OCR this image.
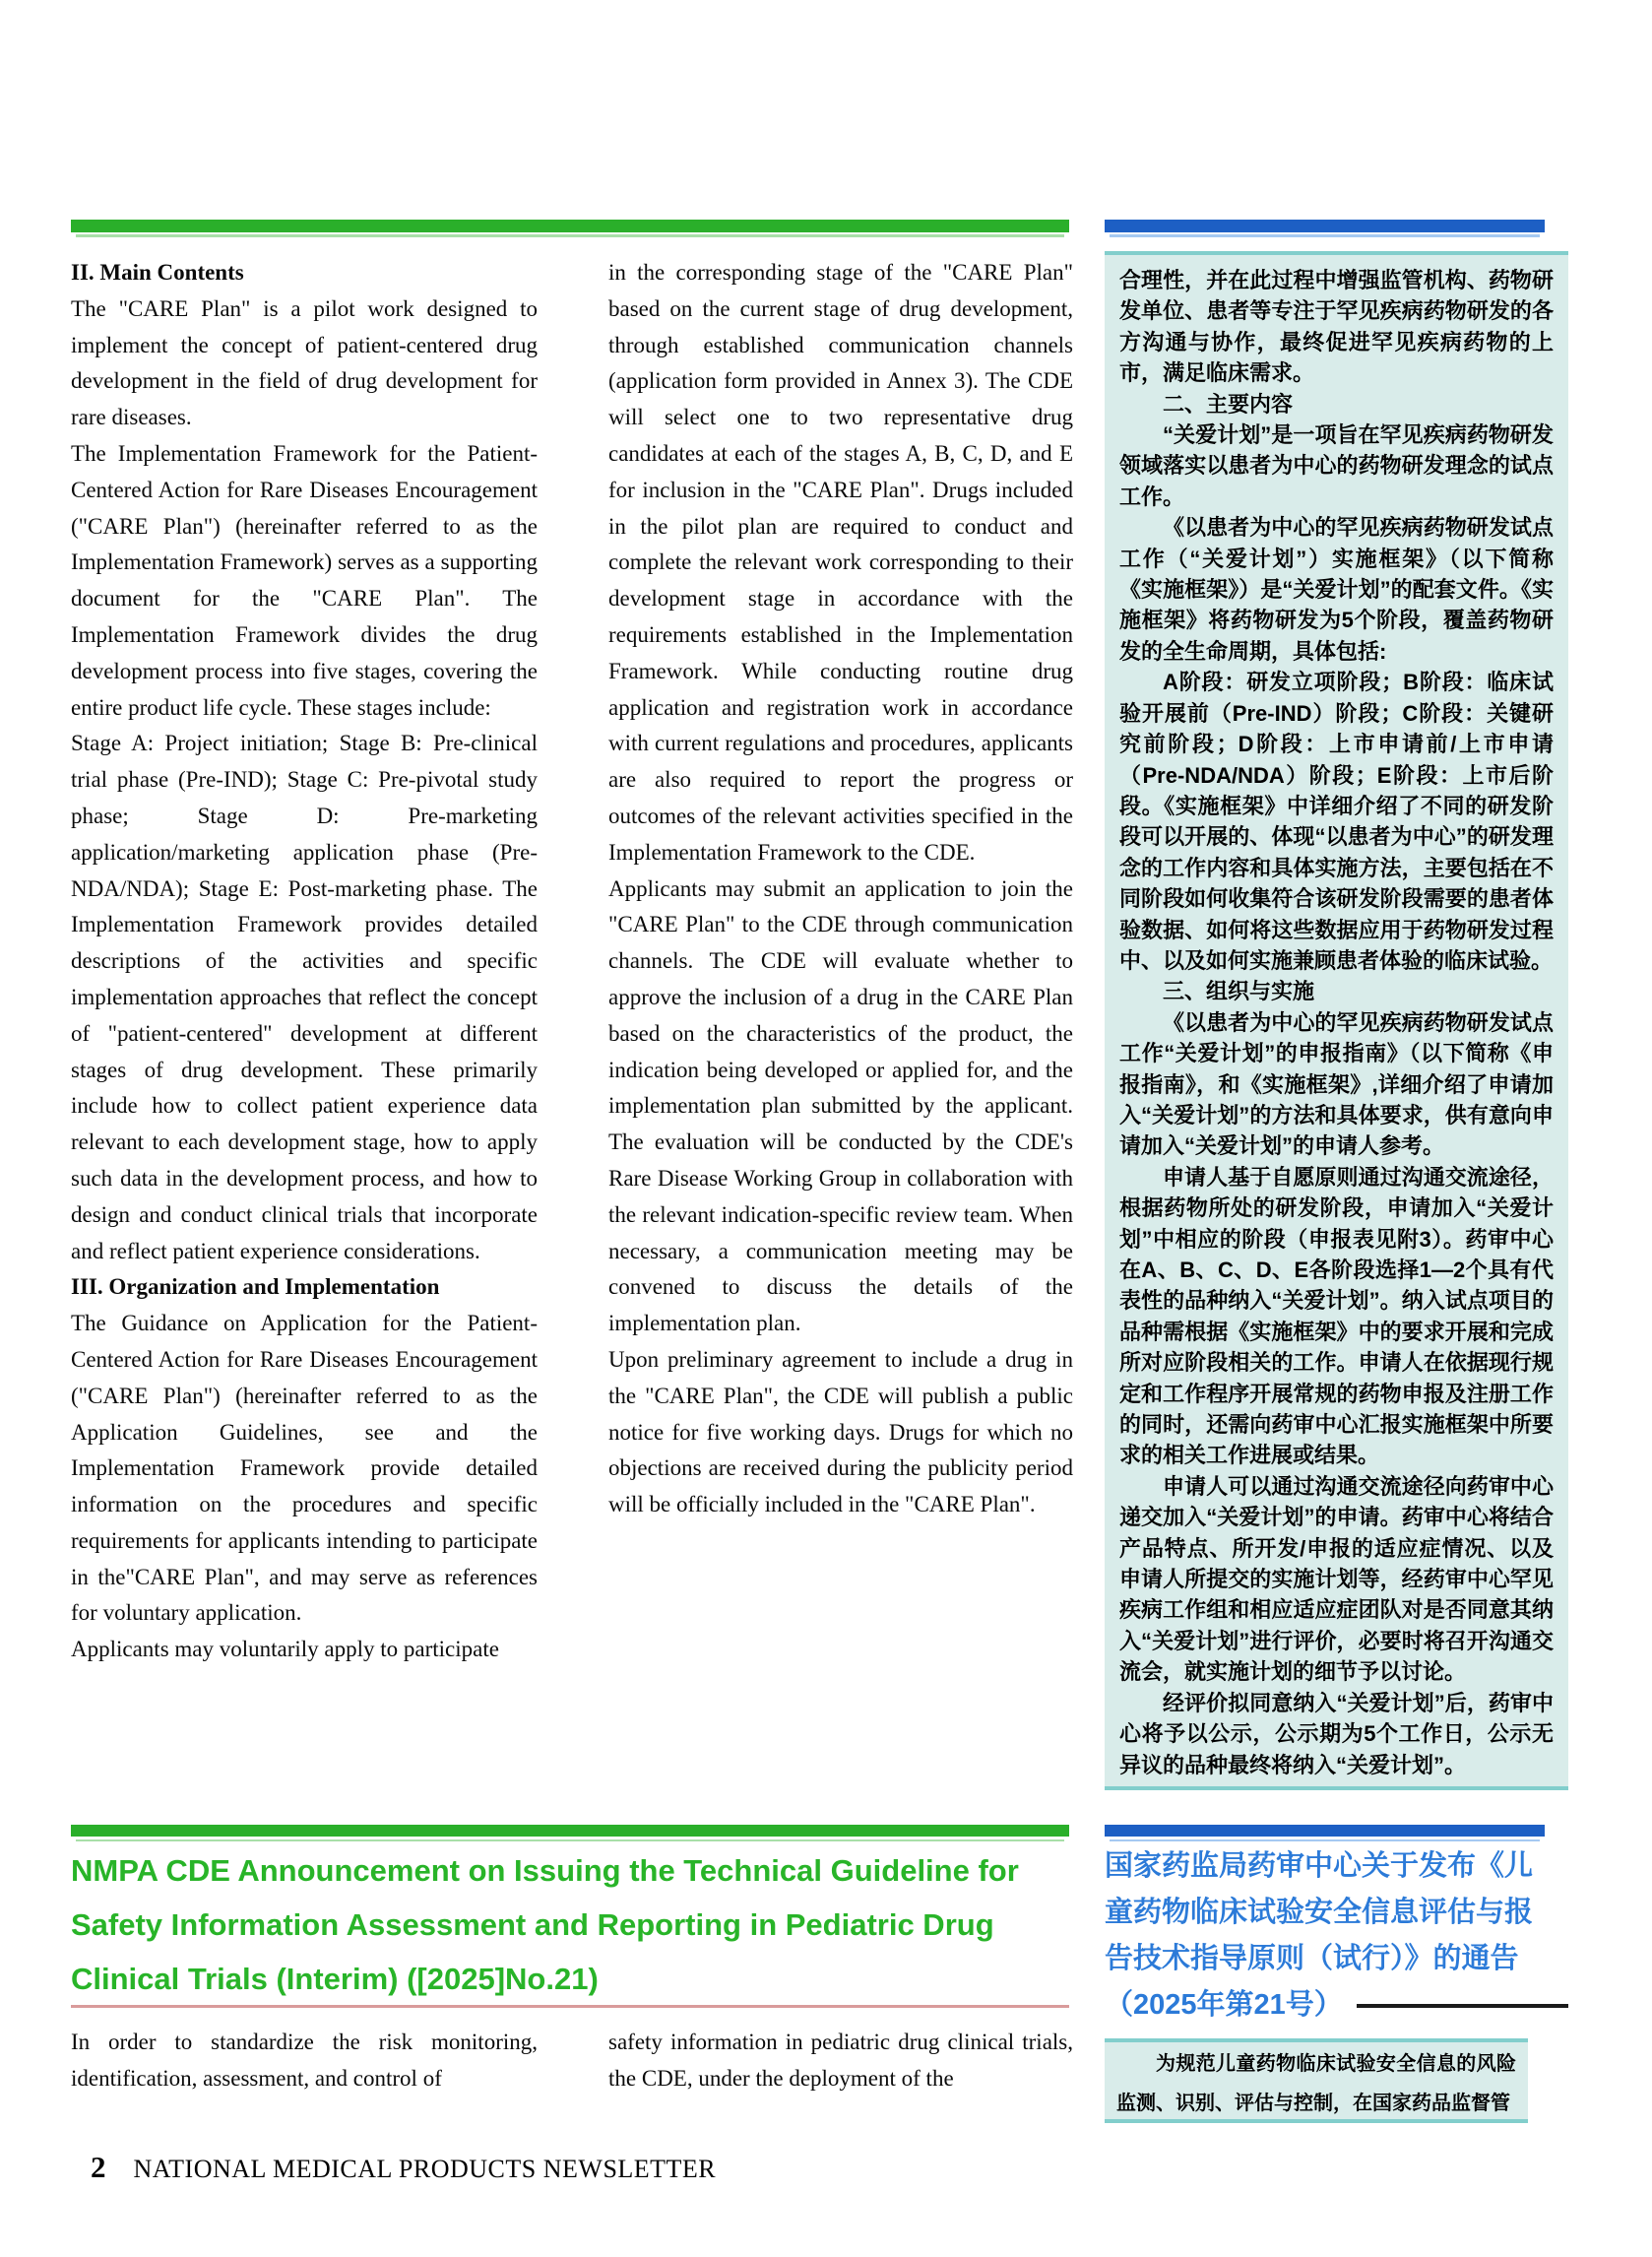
II. Main Contents

The "CARE Plan" is a pilot work designed to implement the concept of patient-centered drug development in the field of drug development for rare diseases.

The Implementation Framework for the Patient-Centered Action for Rare Diseases Encouragement ("CARE Plan") (hereinafter referred to as the Implementation Framework) serves as a supporting document for the "CARE Plan". The Implementation Framework divides the drug development process into five stages, covering the entire product life cycle. These stages include:

Stage A: Project initiation; Stage B: Pre-clinical trial phase (Pre-IND); Stage C: Pre-pivotal study phase; Stage D: Pre-marketing application/marketing application phase (Pre-NDA/NDA); Stage E: Post-marketing phase. The Implementation Framework provides detailed descriptions of the activities and specific implementation approaches that reflect the concept of "patient-centered" development at different stages of drug development. These primarily include how to collect patient experience data relevant to each development stage, how to apply such data in the development process, and how to design and conduct clinical trials that incorporate and reflect patient experience considerations.

III. Organization and Implementation

The Guidance on Application for the Patient-Centered Action for Rare Diseases Encouragement ("CARE Plan") (hereinafter referred to as the Application Guidelines, see and the Implementation Framework provide detailed information on the procedures and specific requirements for applicants intending to participate in the"CARE Plan", and may serve as references for voluntary application.

Applicants may voluntarily apply to participate

in the corresponding stage of the "CARE Plan" based on the current stage of drug development, through established communication channels (application form provided in Annex 3). The CDE will select one to two representative drug candidates at each of the stages A, B, C, D, and E for inclusion in the "CARE Plan". Drugs included in the pilot plan are required to conduct and complete the relevant work corresponding to their development stage in accordance with the requirements established in the Implementation Framework. While conducting routine drug application and registration work in accordance with current regulations and procedures, applicants are also required to report the progress or outcomes of the relevant activities specified in the Implementation Framework to the CDE.

Applicants may submit an application to join the "CARE Plan" to the CDE through communication channels. The CDE will evaluate whether to approve the inclusion of a drug in the CARE Plan based on the characteristics of the product, the indication being developed or applied for, and the implementation plan submitted by the applicant. The evaluation will be conducted by the CDE's Rare Disease Working Group in collaboration with the relevant indication-specific review team. When necessary, a communication meeting may be convened to discuss the details of the implementation plan.

Upon preliminary agreement to include a drug in the "CARE Plan", the CDE will publish a public notice for five working days. Drugs for which no objections are received during the publicity period will be officially included in the "CARE Plan".

合理性，并在此过程中增强监管机构、药物研发单位、患者等专注于罕见疾病药物研发的各方沟通与协作，最终促进罕见疾病药物的上市，满足临床需求。

二、主要内容

“关爱计划”是一项旨在罕见疾病药物研发领域落实以患者为中心的药物研发理念的试点工作。

《以患者为中心的罕见疾病药物研发试点工作（“关爱计划”）实施框架》（以下简称《实施框架》）是“关爱计划”的配套文件。《实施框架》将药物研发为5个阶段，覆盖药物研发的全生命周期，具体包括:

A阶段：研发立项阶段；B阶段：临床试验开展前（Pre-IND）阶段；C阶段：关键研究前阶段；D阶段：上市申请前/上市申请（Pre-NDA/NDA）阶段；E阶段：上市后阶段。《实施框架》中详细介绍了不同的研发阶段可以开展的、体现“以患者为中心”的研发理念的工作内容和具体实施方法，主要包括在不同阶段如何收集符合该研发阶段需要的患者体验数据、如何将这些数据应用于药物研发过程中、以及如何实施兼顾患者体验的临床试验。

三、组织与实施

《以患者为中心的罕见疾病药物研发试点工作“关爱计划”的申报指南》（以下简称《申报指南》，和《实施框架》,详细介绍了申请加入“关爱计划”的方法和具体要求，供有意向申请加入“关爱计划”的申请人参考。

申请人基于自愿原则通过沟通交流途径，根据药物所处的研发阶段，申请加入“关爱计划”中相应的阶段（申报表见附3）。药审中心在A、B、C、D、E各阶段选择1—2个具有代表性的品种纳入“关爱计划”。纳入试点项目的品种需根据《实施框架》中的要求开展和完成所对应阶段相关的工作。申请人在依据现行规定和工作程序开展常规的药物申报及注册工作的同时，还需向药审中心汇报实施框架中所要求的相关工作进展或结果。

申请人可以通过沟通交流途径向药审中心递交加入“关爱计划”的申请。药审中心将结合产品特点、所开发/申报的适应症情况、以及申请人所提交的实施计划等，经药审中心罕见疾病工作组和相应适应症团队对是否同意其纳入“关爱计划”进行评价，必要时将召开沟通交流会，就实施计划的细节予以讨论。

经评价拟同意纳入“关爱计划”后，药审中心将予以公示，公示期为5个工作日，公示无异议的品种最终将纳入“关爱计划”。

NMPA CDE Announcement on Issuing the Technical Guideline for Safety Information Assessment and Reporting in Pediatric Drug Clinical Trials (Interim) ([2025]No.21)

In order to standardize the risk monitoring, identification, assessment, and control of

safety information in pediatric drug clinical trials, the CDE, under the deployment of the

国家药监局药审中心关于发布《儿
童药物临床试验安全信息评估与报
告技术指导原则（试行）》的通告
（2025年第21号）

为规范儿童药物临床试验安全信息的风险监测、识别、评估与控制，在国家药品监督管

2 NATIONAL MEDICAL PRODUCTS NEWSLETTER
